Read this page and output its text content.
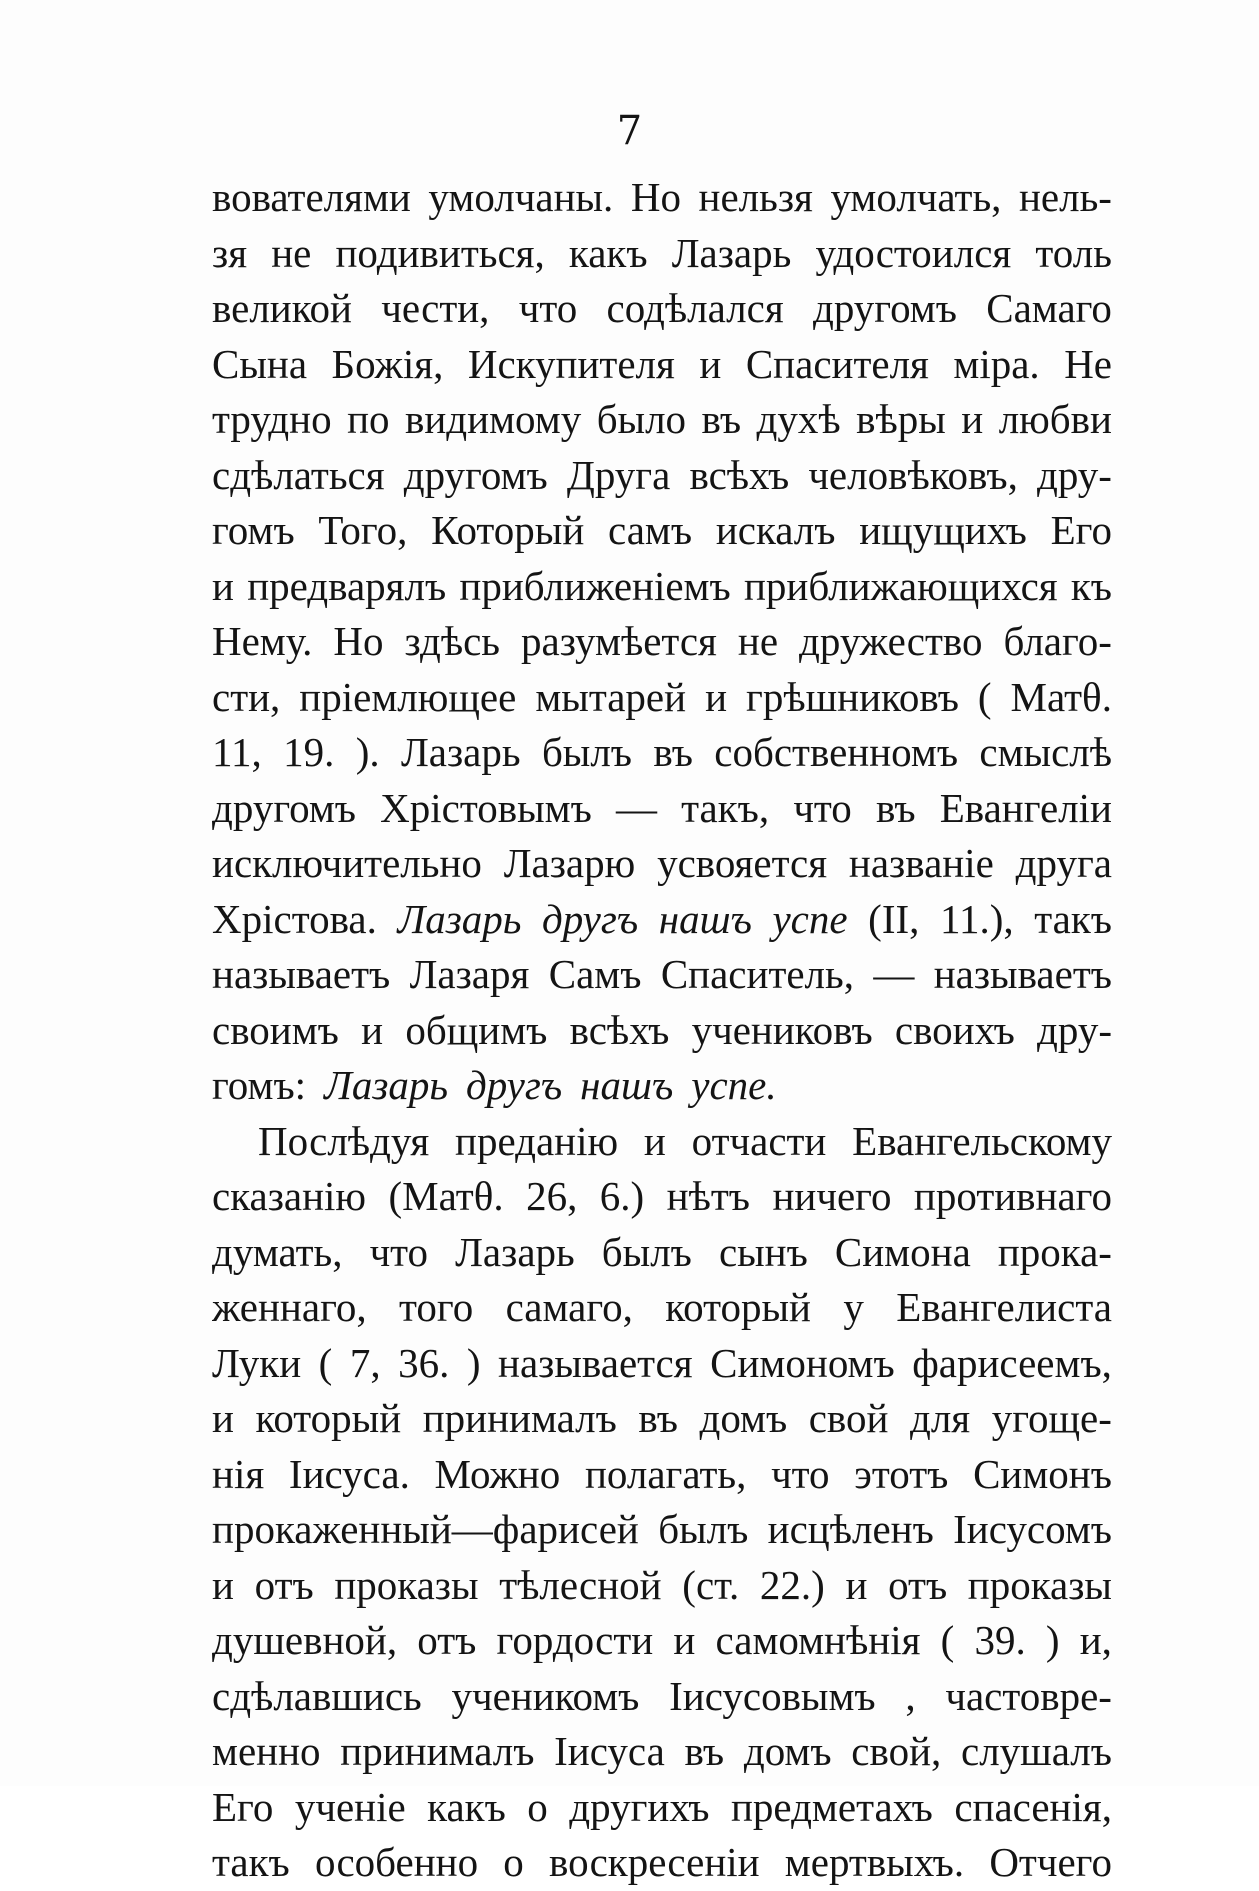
7
вователями умолчаны. Но нельзя умолчать, нель-
зя не подивиться, какъ Лазарь удостоился толь
великой чести, что содѣлался другомъ Самаго
Сына Божія, Искупителя и Спасителя міра. Не
трудно по видимому было въ духѣ вѣры и любви
сдѣлаться другомъ Друга всѣхъ человѣковъ, дру-
гомъ Того, Который самъ искалъ ищущихъ Его
и предварялъ приближеніемъ приближающихся къ
Нему. Но здѣсь разумѣется не дружество благо-
сти, пріемлющее мытарей и грѣшниковъ ( Матθ.
11, 19. ). Лазарь былъ въ собственномъ смыслѣ
другомъ Хрістовымъ — такъ, что въ Евангеліи
исключительно Лазарю усвояется названіе друга
Хрістова. Лазарь другъ нашъ успе (II, 11.), такъ
называетъ Лазаря Самъ Спаситель, — называетъ
своимъ и общимъ всѣхъ учениковъ своихъ дру-
гомъ: Лазарь другъ нашъ успе.
Послѣдуя преданію и отчасти Евангельскому
сказанію (Матθ. 26, 6.) нѣтъ ничего противнаго
думать, что Лазарь былъ сынъ Симона прока-
женнаго, того самаго, который у Евангелиста
Луки ( 7, 36. ) называется Симономъ фарисеемъ,
и который принималъ въ домъ свой для угоще-
нія Іисуса. Можно полагать, что этотъ Симонъ
прокаженный—фарисей былъ исцѣленъ Іисусомъ
и отъ проказы тѣлесной (ст. 22.) и отъ проказы
душевной, отъ гордости и самомнѣнія ( 39. ) и,
сдѣлавшись ученикомъ Іисусовымъ , частовре-
менно принималъ Іисуса въ домъ свой, слушалъ
Его ученіе какъ о другихъ предметахъ спасенія,
такъ особенно о воскресеніи мертвыхъ. Отчего
